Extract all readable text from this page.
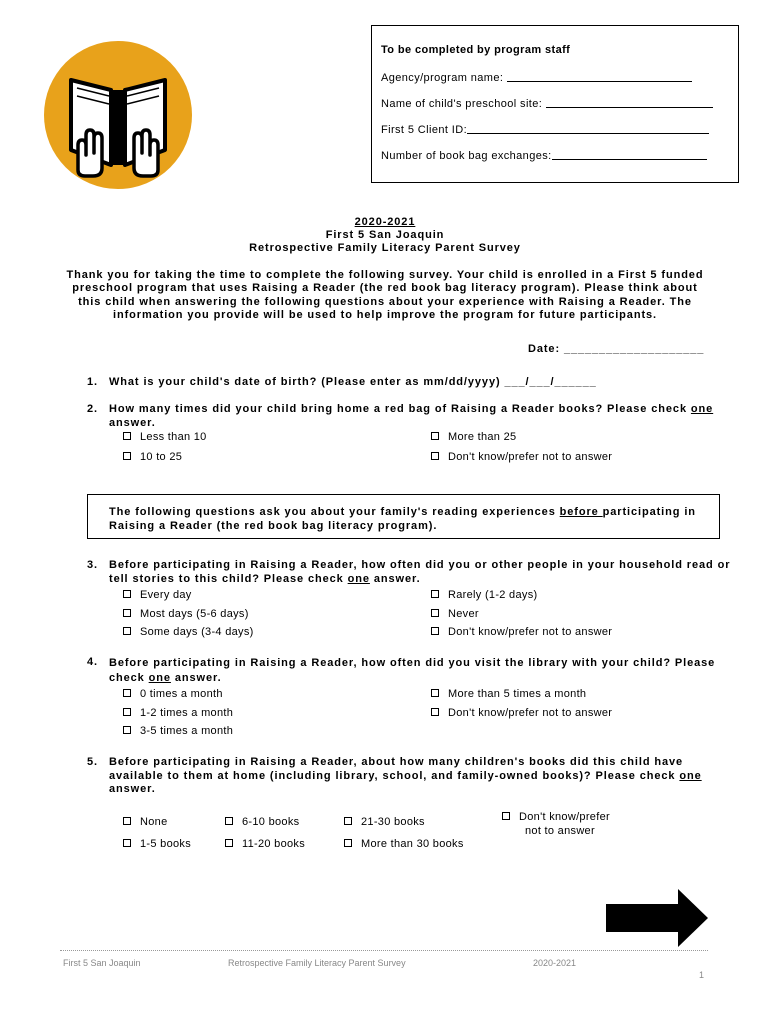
To be completed by program staff
Agency/program name:
Name of child's preschool site:
First 5 Client ID:
Number of book bag exchanges:
2020-2021
First 5 San Joaquin
Retrospective Family Literacy Parent Survey
Thank you for taking the time to complete the following survey. Your child is enrolled in a First 5 funded
preschool program that uses Raising a Reader (the red book bag literacy program). Please think about
this child when answering the following questions about your experience with Raising a Reader. The
information you provide will be used to help improve the program for future participants.
Date: ____________________
1. What is your child's date of birth? (Please enter as mm/dd/yyyy) ___/___/______
2. How many times did your child bring home a red bag of Raising a Reader books? Please check one
answer.
Less than 10	More than 25
10 to 25	Don't know/prefer not to answer
The following questions ask you about your family's reading experiences before participating in
Raising a Reader (the red book bag literacy program).
3. Before participating in Raising a Reader, how often did you or other people in your household read or
tell stories to this child? Please check one answer.
Every day	Rarely (1-2 days)
Most days (5-6 days)	Never
Some days (3-4 days)	Don't know/prefer not to answer
4. Before participating in Raising a Reader, how often did you visit the library with your child? Please
check one answer.
0 times a month	More than 5 times a month
1-2 times a month	Don't know/prefer not to answer
3-5 times a month
5. Before participating in Raising a Reader, about how many children's books did this child have
available to them at home (including library, school, and family-owned books)? Please check one
answer.
None	6-10 books	21-30 books	Don't know/prefer
not to answer
1-5 books	11-20 books	More than 30 books
First 5 San Joaquin	Retrospective Family Literacy Parent Survey	2020-2021
1
